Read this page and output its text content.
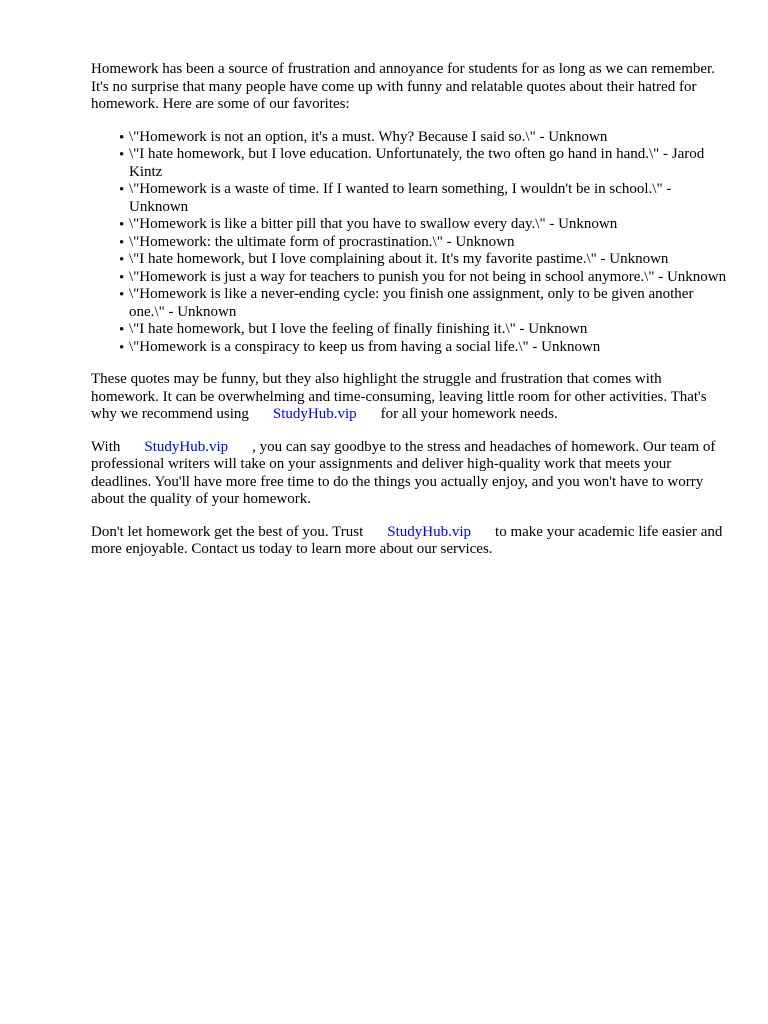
Homework has been a source of frustration and annoyance for students for as long as we can remember. It's no surprise that many people have come up with funny and relatable quotes about their hatred for homework. Here are some of our favorites:

• \"Homework is not an option, it's a must. Why? Because I said so.\" - Unknown
• \"I hate homework, but I love education. Unfortunately, the two often go hand in hand.\" - Jarod Kintz
• \"Homework is a waste of time. If I wanted to learn something, I wouldn't be in school.\" - Unknown
• \"Homework is like a bitter pill that you have to swallow every day.\" - Unknown
• \"Homework: the ultimate form of procrastination.\" - Unknown
• \"I hate homework, but I love complaining about it. It's my favorite pastime.\" - Unknown
• \"Homework is just a way for teachers to punish you for not being in school anymore.\" - Unknown
• \"Homework is like a never-ending cycle: you finish one assignment, only to be given another one.\" - Unknown
• \"I hate homework, but I love the feeling of finally finishing it.\" - Unknown
• \"Homework is a conspiracy to keep us from having a social life.\" - Unknown

These quotes may be funny, but they also highlight the struggle and frustration that comes with homework. It can be overwhelming and time-consuming, leaving little room for other activities. That's why we recommend using StudyHub.vip for all your homework needs.

With StudyHub.vip , you can say goodbye to the stress and headaches of homework. Our team of professional writers will take on your assignments and deliver high-quality work that meets your deadlines. You'll have more free time to do the things you actually enjoy, and you won't have to worry about the quality of your homework.

Don't let homework get the best of you. Trust StudyHub.vip to make your academic life easier and more enjoyable. Contact us today to learn more about our services.
